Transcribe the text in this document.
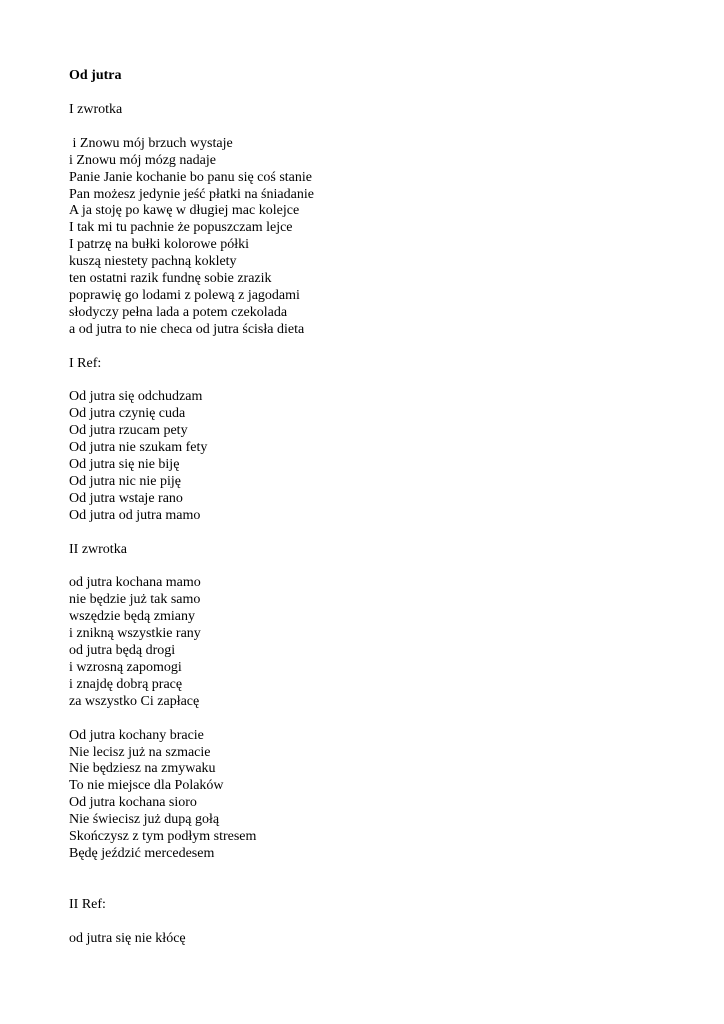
Od jutra

I zwrotka

i Znowu mój brzuch wystaje

i Znowu mój mózg nadaje

Panie Janie kochanie bo panu się coś stanie

Pan możesz jedynie jeść płatki na śniadanie

A ja stoję po kawę w długiej mac kolejce

I tak mi tu pachnie że popuszczam lejce

I patrzę na bułki kolorowe półki

kuszą niestety pachną koklety

ten ostatni razik fundnę sobie zrazik

poprawię go lodami z polewą z jagodami

słodyczy pełna lada a potem czekolada

a od jutra to nie checa od jutra ścisła dieta

I Ref:

Od jutra się odchudzam

Od jutra czynię cuda

Od jutra rzucam pety

Od jutra nie szukam fety

Od jutra się nie biję

Od jutra nic nie piję

Od jutra wstaje rano

Od jutra od jutra mamo

II zwrotka

od jutra kochana mamo

nie będzie już tak samo

wszędzie będą zmiany

i znikną wszystkie rany

od jutra będą drogi

i wzrosną zapomogi

i znajdę dobrą pracę

za wszystko Ci zapłacę

Od jutra kochany bracie

Nie lecisz już na szmacie

Nie będziesz na zmywaku

To nie miejsce dla Polaków

Od jutra kochana sioro

Nie świecisz już dupą gołą

Skończysz z tym podłym stresem

Będę jeździć mercedesem

II Ref:

od jutra się nie kłócę
